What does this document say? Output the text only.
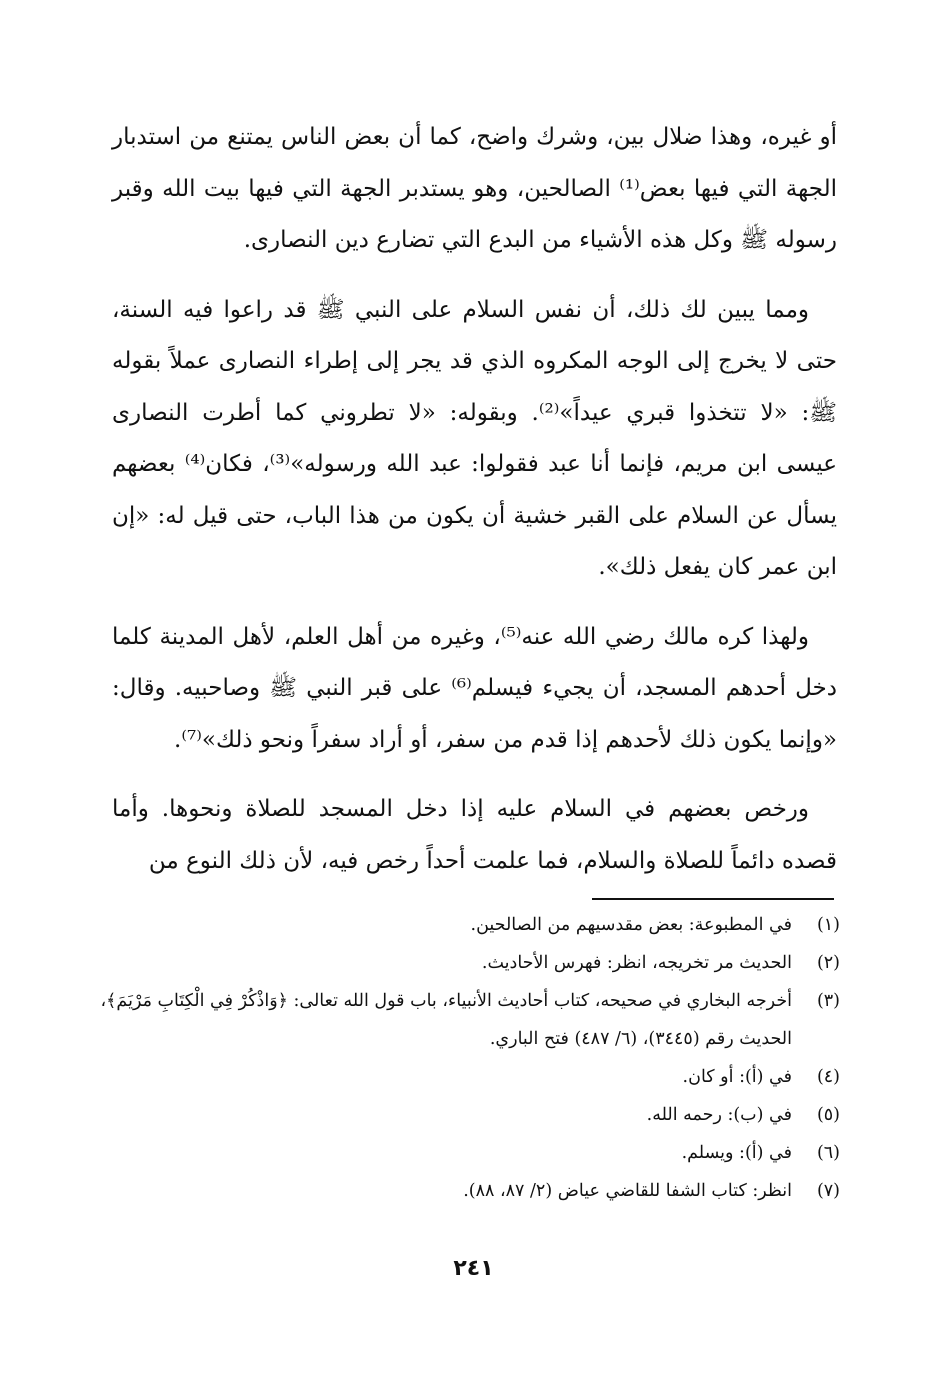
أو غيره، وهذا ضلال بين، وشرك واضح، كما أن بعض الناس يمتنع من استدبار الجهة التي فيها بعض⁽¹⁾ الصالحين، وهو يستدبر الجهة التي فيها بيت الله وقبر رسوله ﷺ وكل هذه الأشياء من البدع التي تضارع دين النصارى.

ومما يبين لك ذلك، أن نفس السلام على النبي ﷺ قد راعوا فيه السنة، حتى لا يخرج إلى الوجه المكروه الذي قد يجر إلى إطراء النصارى عملاً بقوله ﷺ: «لا تتخذوا قبري عيداً»⁽²⁾. وبقوله: «لا تطروني كما أطرت النصارى عيسى ابن مريم، فإنما أنا عبد فقولوا: عبد الله ورسوله»⁽³⁾، فكان⁽⁴⁾ بعضهم يسأل عن السلام على القبر خشية أن يكون من هذا الباب، حتى قيل له: «إن ابن عمر كان يفعل ذلك».

ولهذا كره مالك رضي الله عنه⁽⁵⁾، وغيره من أهل العلم، لأهل المدينة كلما دخل أحدهم المسجد، أن يجيء فيسلم⁽⁶⁾ على قبر النبي ﷺ وصاحبيه. وقال: «وإنما يكون ذلك لأحدهم إذا قدم من سفر، أو أراد سفراً ونحو ذلك»⁽⁷⁾.

ورخص بعضهم في السلام عليه إذا دخل المسجد للصلاة ونحوها. وأما قصده دائماً للصلاة والسلام، فما علمت أحداً رخص فيه، لأن ذلك النوع من

(١)
في المطبوعة: بعض مقدسيهم من الصالحين.
(٢)
الحديث مر تخريجه، انظر: فهرس الأحاديث.
(٣)
أخرجه البخاري في صحيحه، كتاب أحاديث الأنبياء، باب قول الله تعالى: ﴿وَاذْكُرْ فِي الْكِتَابِ مَرْيَمَ﴾، الحديث رقم (٣٤٤٥)، (٦/ ٤٨٧) فتح الباري.
(٤)
في (أ): أو كان.
(٥)
في (ب): رحمه الله.
(٦)
في (أ): ويسلم.
(٧)
انظر: كتاب الشفا للقاضي عياض (٢/ ٨٧، ٨٨).
٢٤١
